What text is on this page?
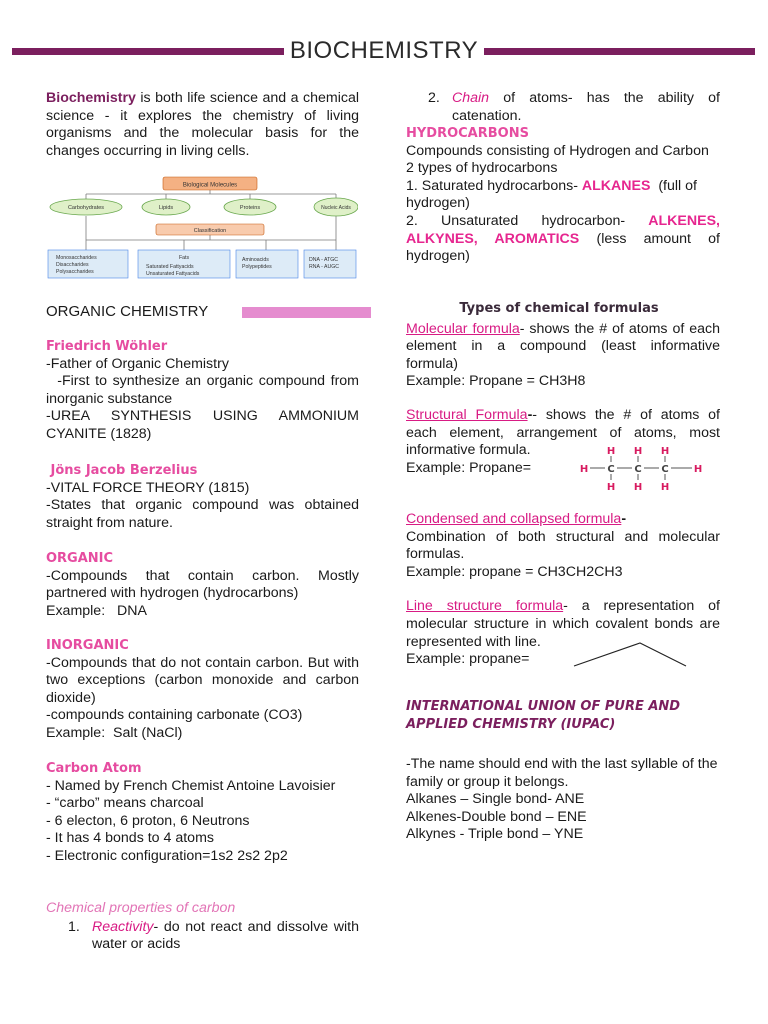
BIOCHEMISTRY

Biochemistry is both life science and a chemical science - it explores the chemistry of living organisms and the molecular basis for the changes occurring in living cells.

Biological Molecules
Carbohydrates	Lipids	Proteins	Nucleic Acids
Classification
Monosaccharides
Disaccharides
Polysaccharides
Fats
Saturated Fattyacids
Unsaturated Fattyacids
Aminoacids
Polypeptides
DNA - ATGC
RNA - AUGC
ORGANIC CHEMISTRY
Friedrich Wöhler
-Father of Organic Chemistry
-First to synthesize an organic compound from inorganic substance
-UREA SYNTHESIS USING AMMONIUM CYANITE (1828)
Jöns Jacob Berzelius
-VITAL FORCE THEORY (1815)
-States that organic compound was obtained straight from nature.
ORGANIC
-Compounds that contain carbon. Mostly partnered with hydrogen (hydrocarbons)
Example:   DNA
INORGANIC
-Compounds that do not contain carbon. But with two exceptions (carbon monoxide and carbon dioxide)
-compounds containing carbonate (CO3)
Example:  Salt (NaCl)
Carbon Atom
- Named by French Chemist Antoine Lavoisier
- “carbo” means charcoal
- 6 electon, 6 proton, 6 Neutrons
- It has 4 bonds to 4 atoms
- Electronic configuration=1s2 2s2 2p2
Chemical properties of carbon
1. Reactivity- do not react and dissolve with water or acids
2. Chain of atoms- has the ability of catenation.
HYDROCARBONS
Compounds consisting of Hydrogen and Carbon
2 types of hydrocarbons
1. Saturated hydrocarbons- ALKANES  (full of hydrogen)
2. Unsaturated hydrocarbon- ALKENES, ALKYNES, AROMATICS (less amount of hydrogen)
Types of chemical formulas
Molecular formula- shows the # of atoms of each element in a compound (least informative formula)
Example: Propane = CH3H8
Structural Formula-- shows the # of atoms of each element, arrangement of atoms, most informative formula.
Example: Propane=
H H H
H C C C	H
H H H
Condensed and collapsed formula-
Combination of both structural and molecular formulas.
Example: propane = CH3CH2CH3
Line structure formula- a representation of molecular structure in which covalent bonds are represented with line.
Example: propane=
INTERNATIONAL UNION OF PURE AND APPLIED CHEMISTRY (IUPAC)
-The name should end with the last syllable of the family or group it belongs.
Alkanes – Single bond- ANE
Alkenes-Double bond – ENE
Alkynes - Triple bond – YNE
